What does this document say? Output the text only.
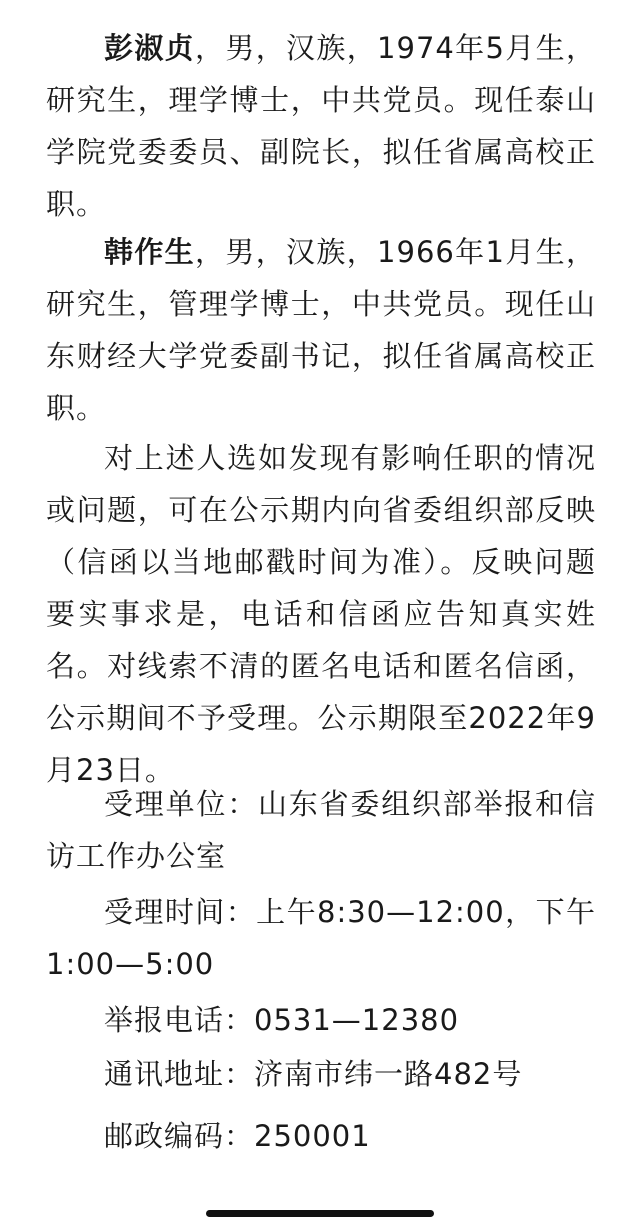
彭淑贞，男，汉族，1974年5月生，研究生，理学博士，中共党员。现任泰山学院党委委员、副院长，拟任省属高校正职。

韩作生，男，汉族，1966年1月生，研究生，管理学博士，中共党员。现任山东财经大学党委副书记，拟任省属高校正职。

对上述人选如发现有影响任职的情况或问题，可在公示期内向省委组织部反映（信函以当地邮戳时间为准）。反映问题要实事求是，电话和信函应告知真实姓名。对线索不清的匿名电话和匿名信函，公示期间不予受理。公示期限至2022年9月23日。

受理单位：山东省委组织部举报和信访工作办公室

受理时间：上午8:30—12:00，下午1:00—5:00

举报电话：0531—12380

通讯地址：济南市纬一路482号

邮政编码：250001
